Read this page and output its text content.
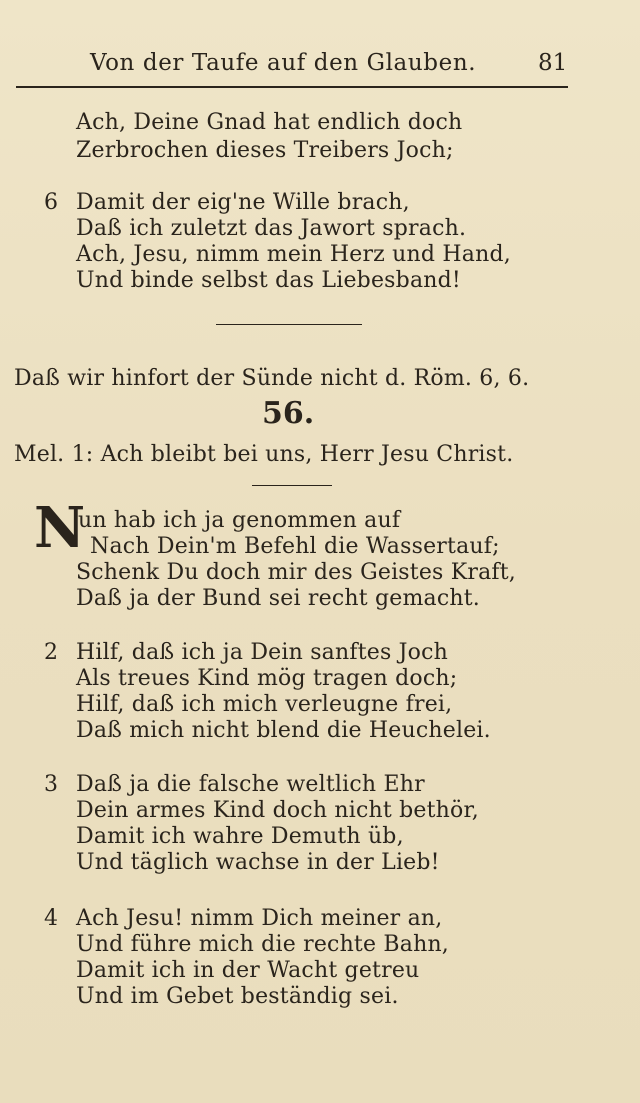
Von der Taufe auf den Glauben.	81
Ach, Deine Gnad hat endlich doch
Zerbrochen dieses Treibers Joch;
6 Damit der eig'ne Wille brach,
Daß ich zuletzt das Jawort sprach.
Ach, Jesu, nimm mein Herz und Hand,
Und binde selbst das Liebesband!
Daß wir hinfort der Sünde nicht d. Röm. 6, 6.
56.
Mel. 1: Ach bleibt bei uns, Herr Jesu Christ.
N
un hab ich ja genommen auf
Nach Dein'm Befehl die Wassertauf;
Schenk Du doch mir des Geistes Kraft,
Daß ja der Bund sei recht gemacht.
2 Hilf, daß ich ja Dein sanftes Joch
Als treues Kind mög tragen doch;
Hilf, daß ich mich verleugne frei,
Daß mich nicht blend die Heuchelei.
3 Daß ja die falsche weltlich Ehr
Dein armes Kind doch nicht bethör,
Damit ich wahre Demuth üb,
Und täglich wachse in der Lieb!
4 Ach Jesu! nimm Dich meiner an,
Und führe mich die rechte Bahn,
Damit ich in der Wacht getreu
Und im Gebet beständig sei.
